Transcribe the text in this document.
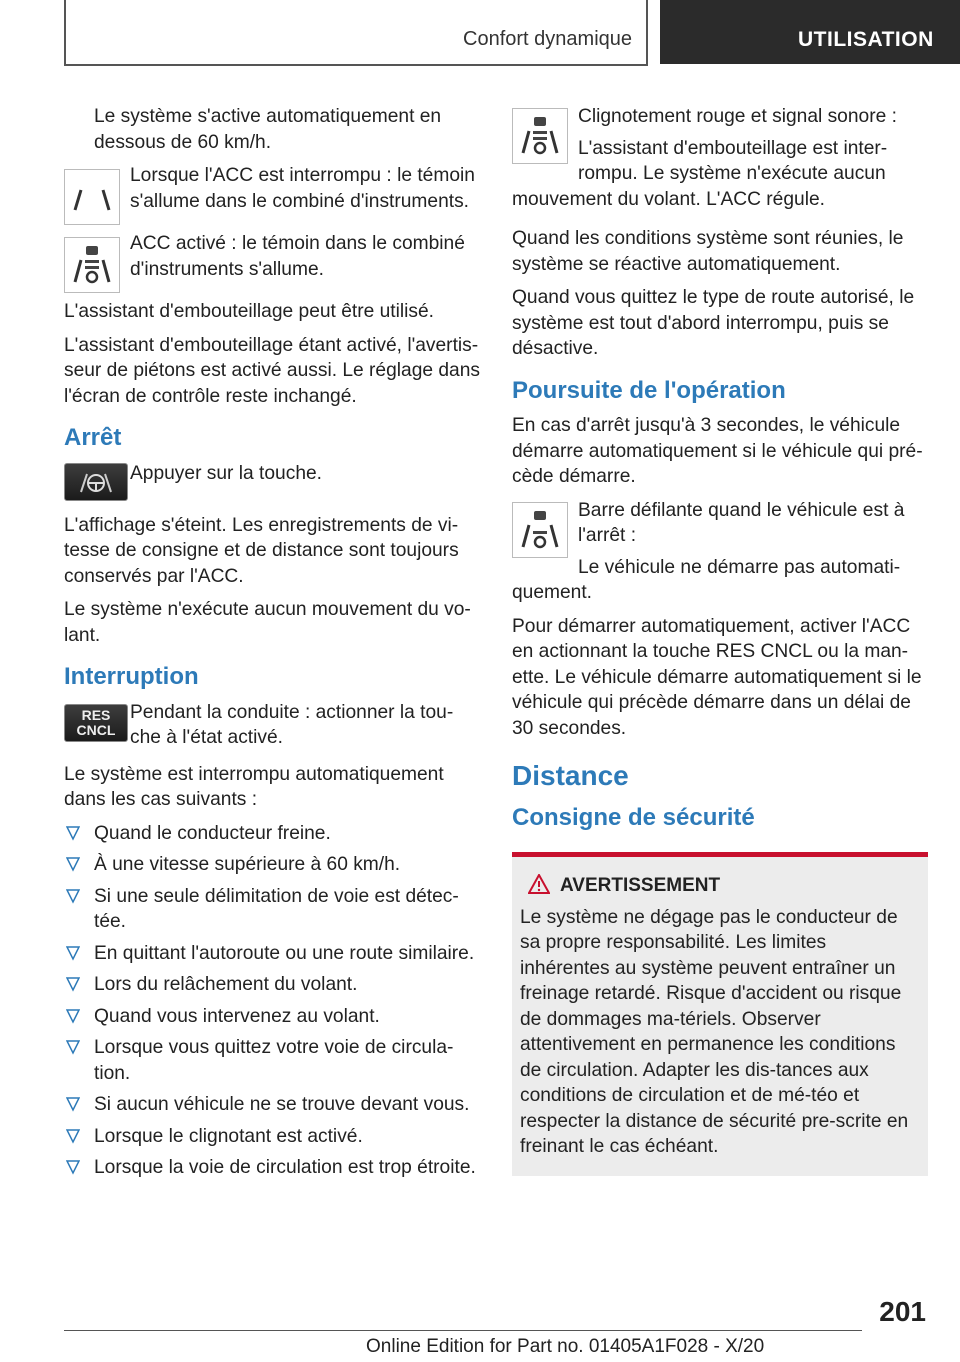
Confort dynamique	UTILISATION

Le système s'active automatiquement en dessous de 60 km/h.

Lorsque l'ACC est interrompu : le témoin s'allume dans le combiné d'instruments.
ACC activé : le témoin dans le combiné d'instruments s'allume.

L'assistant d'embouteillage peut être utilisé.

L'assistant d'embouteillage étant activé, l'avertis-seur de piétons est activé aussi. Le réglage dans l'écran de contrôle reste inchangé.

Arrêt
Appuyer sur la touche.

L'affichage s'éteint. Les enregistrements de vi-tesse de consigne et de distance sont toujours conservés par l'ACC.

Le système n'exécute aucun mouvement du vo-lant.

Interruption
RES
CNCL
Pendant la conduite : actionner la tou-che à l'état activé.

Le système est interrompu automatiquement dans les cas suivants :

Quand le conducteur freine.
À une vitesse supérieure à 60 km/h.
Si une seule délimitation de voie est détec-tée.
En quittant l'autoroute ou une route similaire.
Lors du relâchement du volant.
Quand vous intervenez au volant.
Lorsque vous quittez votre voie de circula-tion.
Si aucun véhicule ne se trouve devant vous.
Lorsque le clignotant est activé.
Lorsque la voie de circulation est trop étroite.
Clignotement rouge et signal sonore :
L'assistant d'embouteillage est inter-rompu. Le système n'exécute aucun

mouvement du volant. L'ACC régule.

Quand les conditions système sont réunies, le système se réactive automatiquement.

Quand vous quittez le type de route autorisé, le système est tout d'abord interrompu, puis se désactive.

Poursuite de l'opération

En cas d'arrêt jusqu'à 3 secondes, le véhicule démarre automatiquement si le véhicule qui pré-cède démarre.

Barre défilante quand le véhicule est à l'arrêt :
Le véhicule ne démarre pas automati-

quement.

Pour démarrer automatiquement, activer l'ACC en actionnant la touche RES CNCL ou la man-ette. Le véhicule démarre automatiquement si le véhicule qui précède démarre dans un délai de 30 secondes.

Distance
Consigne de sécurité
AVERTISSEMENT
Le système ne dégage pas le conducteur de sa propre responsabilité. Les limites inhérentes au système peuvent entraîner un freinage retardé. Risque d'accident ou risque de dommages ma-tériels. Observer attentivement en permanence les conditions de circulation. Adapter les dis-tances aux conditions de circulation et de mé-téo et respecter la distance de sécurité pre-scrite en freinant le cas échéant.
201
Online Edition for Part no. 01405A1F028 - X/20
